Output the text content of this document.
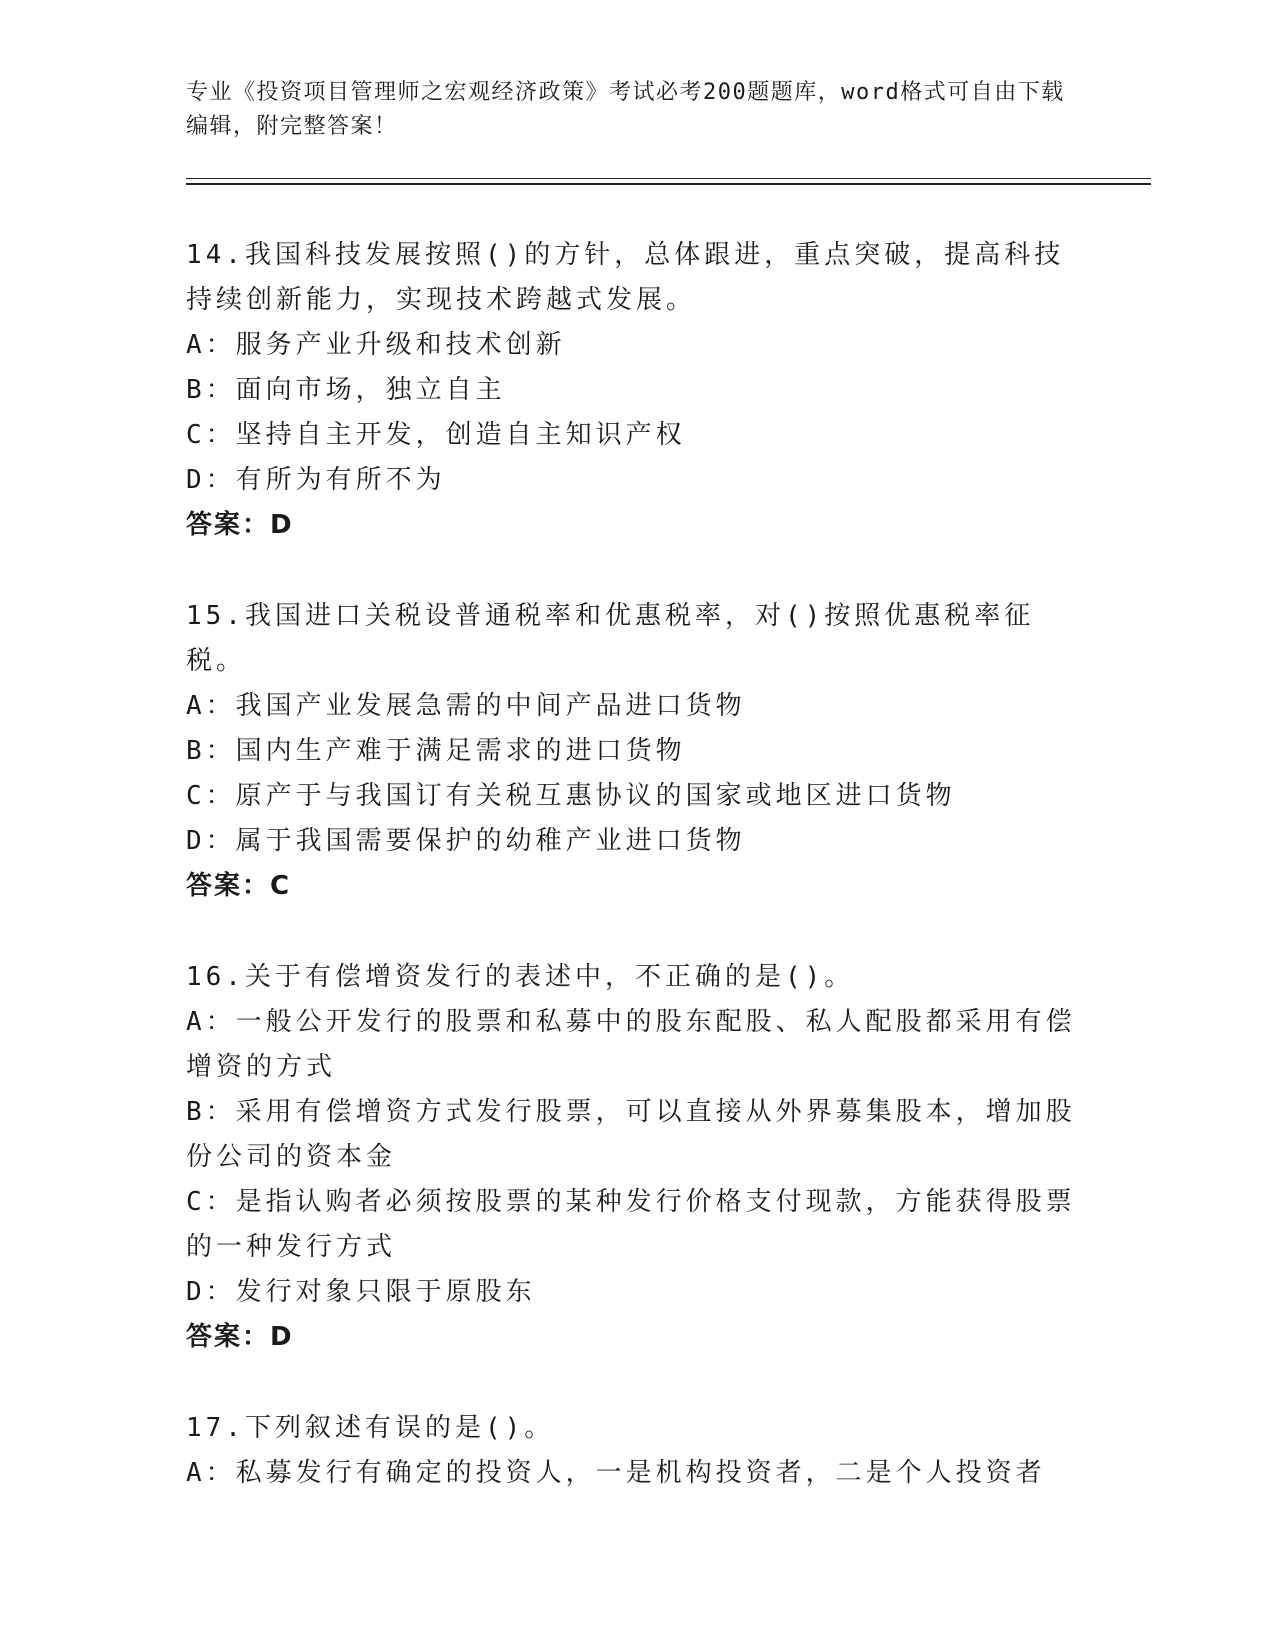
专业《投资项目管理师之宏观经济政策》考试必考200题题库，word格式可自由下载编辑，附完整答案！

14.我国科技发展按照()的方针，总体跟进，重点突破，提高科技持续创新能力，实现技术跨越式发展。

A：服务产业升级和技术创新

B：面向市场，独立自主

C：坚持自主开发，创造自主知识产权

D：有所为有所不为

答案：D

15.我国进口关税设普通税率和优惠税率，对()按照优惠税率征税。

A：我国产业发展急需的中间产品进口货物

B：国内生产难于满足需求的进口货物

C：原产于与我国订有关税互惠协议的国家或地区进口货物

D：属于我国需要保护的幼稚产业进口货物

答案：C

16.关于有偿增资发行的表述中，不正确的是()。

A：一般公开发行的股票和私募中的股东配股、私人配股都采用有偿增资的方式

B：采用有偿增资方式发行股票，可以直接从外界募集股本，增加股份公司的资本金

C：是指认购者必须按股票的某种发行价格支付现款，方能获得股票的一种发行方式

D：发行对象只限于原股东

答案：D

17.下列叙述有误的是()。

A：私募发行有确定的投资人，一是机构投资者，二是个人投资者
